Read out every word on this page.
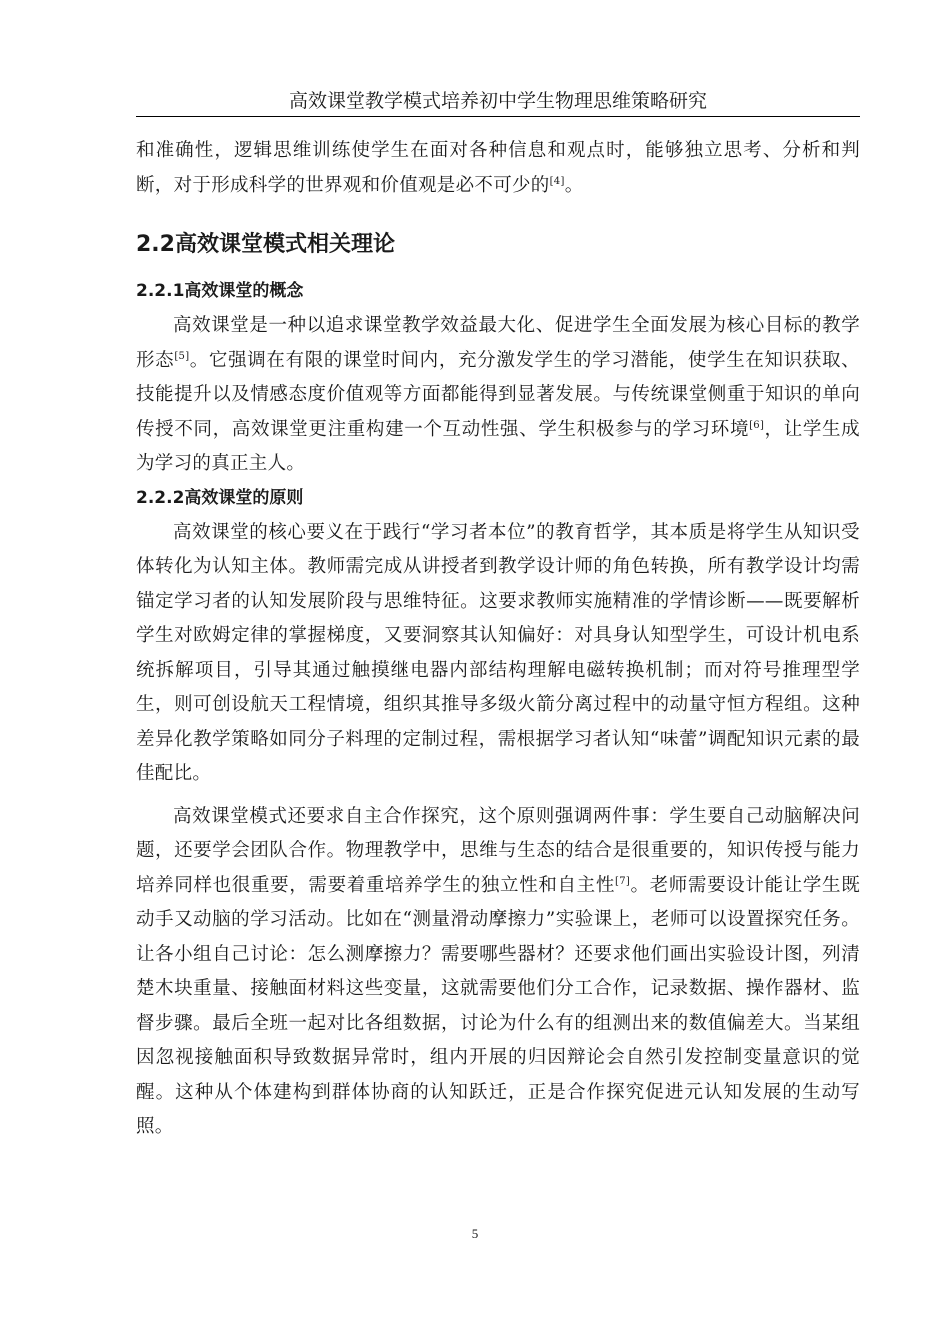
高效课堂教学模式培养初中学生物理思维策略研究

和准确性，逻辑思维训练使学生在面对各种信息和观点时，能够独立思考、分析和判断，对于形成科学的世界观和价值观是必不可少的[4]。

2.2高效课堂模式相关理论
2.2.1高效课堂的概念

高效课堂是一种以追求课堂教学效益最大化、促进学生全面发展为核心目标的教学形态[5]。它强调在有限的课堂时间内，充分激发学生的学习潜能，使学生在知识获取、技能提升以及情感态度价值观等方面都能得到显著发展。与传统课堂侧重于知识的单向传授不同，高效课堂更注重构建一个互动性强、学生积极参与的学习环境[6]，让学生成为学习的真正主人。

2.2.2高效课堂的原则

高效课堂的核心要义在于践行“学习者本位”的教育哲学，其本质是将学生从知识受体转化为认知主体。教师需完成从讲授者到教学设计师的角色转换，所有教学设计均需锚定学习者的认知发展阶段与思维特征。这要求教师实施精准的学情诊断——既要解析学生对欧姆定律的掌握梯度，又要洞察其认知偏好：对具身认知型学生，可设计机电系统拆解项目，引导其通过触摸继电器内部结构理解电磁转换机制；而对符号推理型学生，则可创设航天工程情境，组织其推导多级火箭分离过程中的动量守恒方程组。这种差异化教学策略如同分子料理的定制过程，需根据学习者认知“味蕾”调配知识元素的最佳配比。

高效课堂模式还要求自主合作探究，这个原则强调两件事：学生要自己动脑解决问题，还要学会团队合作。物理教学中，思维与生态的结合是很重要的，知识传授与能力培养同样也很重要，需要着重培养学生的独立性和自主性[7]。老师需要设计能让学生既动手又动脑的学习活动。比如在“测量滑动摩擦力”实验课上，老师可以设置探究任务。让各小组自己讨论：怎么测摩擦力？需要哪些器材？还要求他们画出实验设计图，列清楚木块重量、接触面材料这些变量，这就需要他们分工合作，记录数据、操作器材、监督步骤。最后全班一起对比各组数据，讨论为什么有的组测出来的数值偏差大。当某组因忽视接触面积导致数据异常时，组内开展的归因辩论会自然引发控制变量意识的觉醒。这种从个体建构到群体协商的认知跃迁，正是合作探究促进元认知发展的生动写照。

5
